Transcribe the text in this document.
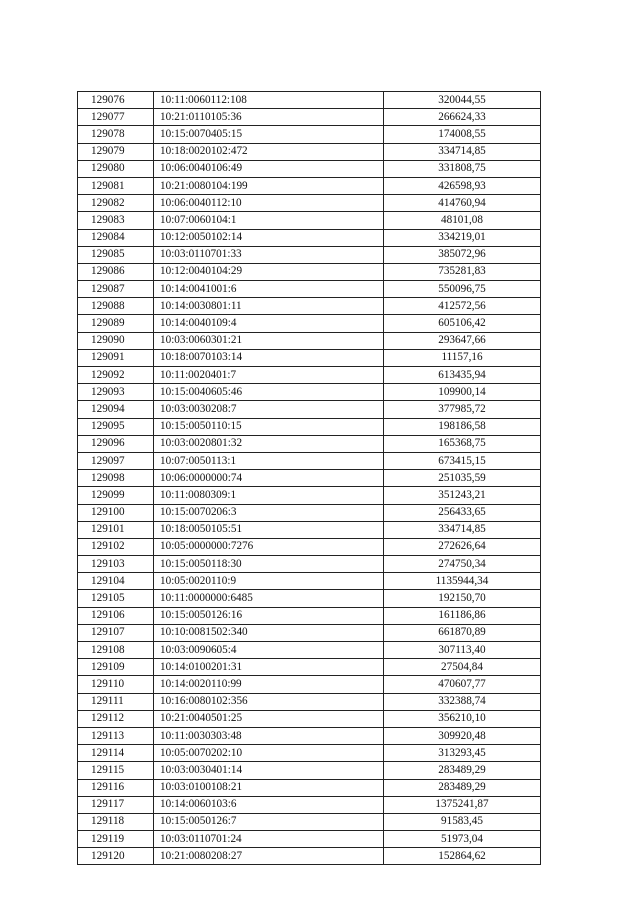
129076	10:11:0060112:108	320044,55
129077	10:21:0110105:36	266624,33
129078	10:15:0070405:15	174008,55
129079	10:18:0020102:472	334714,85
129080	10:06:0040106:49	331808,75
129081	10:21:0080104:199	426598,93
129082	10:06:0040112:10	414760,94
129083	10:07:0060104:1	48101,08
129084	10:12:0050102:14	334219,01
129085	10:03:0110701:33	385072,96
129086	10:12:0040104:29	735281,83
129087	10:14:0041001:6	550096,75
129088	10:14:0030801:11	412572,56
129089	10:14:0040109:4	605106,42
129090	10:03:0060301:21	293647,66
129091	10:18:0070103:14	11157,16
129092	10:11:0020401:7	613435,94
129093	10:15:0040605:46	109900,14
129094	10:03:0030208:7	377985,72
129095	10:15:0050110:15	198186,58
129096	10:03:0020801:32	165368,75
129097	10:07:0050113:1	673415,15
129098	10:06:0000000:74	251035,59
129099	10:11:0080309:1	351243,21
129100	10:15:0070206:3	256433,65
129101	10:18:0050105:51	334714,85
129102	10:05:0000000:7276	272626,64
129103	10:15:0050118:30	274750,34
129104	10:05:0020110:9	1135944,34
129105	10:11:0000000:6485	192150,70
129106	10:15:0050126:16	161186,86
129107	10:10:0081502:340	661870,89
129108	10:03:0090605:4	307113,40
129109	10:14:0100201:31	27504,84
129110	10:14:0020110:99	470607,77
129111	10:16:0080102:356	332388,74
129112	10:21:0040501:25	356210,10
129113	10:11:0030303:48	309920,48
129114	10:05:0070202:10	313293,45
129115	10:03:0030401:14	283489,29
129116	10:03:0100108:21	283489,29
129117	10:14:0060103:6	1375241,87
129118	10:15:0050126:7	91583,45
129119	10:03:0110701:24	51973,04
129120	10:21:0080208:27	152864,62
